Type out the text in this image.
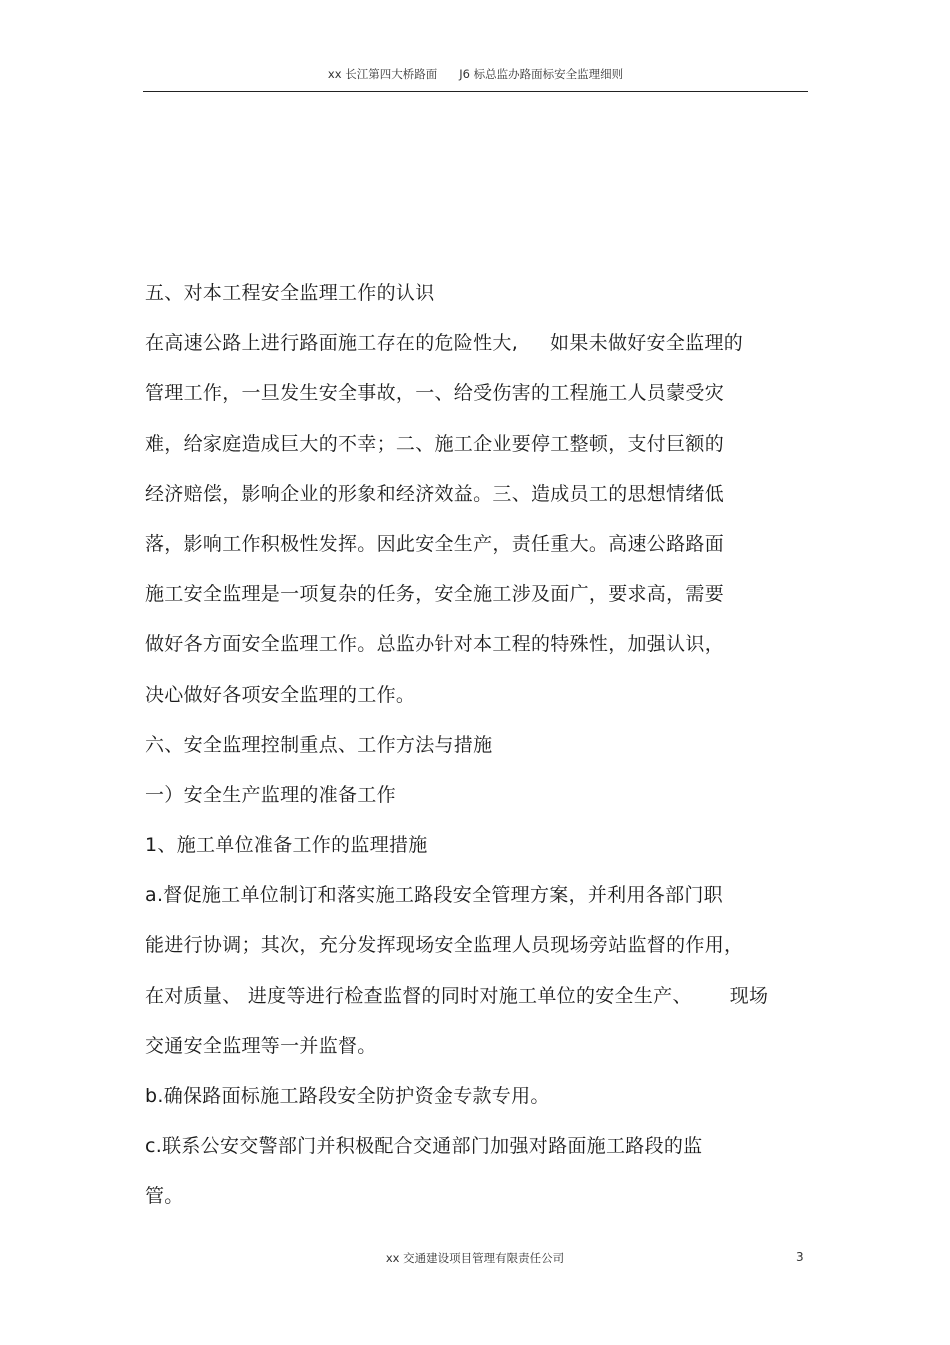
xx 长江第四大桥路面 J6 标总监办路面标安全监理细则
五、对本工程安全监理工作的认识
在高速公路上进行路面施工存在的危险性大, 如果未做好安全监理的
管理工作，一旦发生安全事故，一、给受伤害的工程施工人员蒙受灾
难，给家庭造成巨大的不幸；二、施工企业要停工整顿，支付巨额的
经济赔偿，影响企业的形象和经济效益。三、造成员工的思想情绪低
落，影响工作积极性发挥。因此安全生产，责任重大。高速公路路面
施工安全监理是一项复杂的任务，安全施工涉及面广，要求高，需要
做好各方面安全监理工作。总监办针对本工程的特殊性，加强认识，
决心做好各项安全监理的工作。
六、安全监理控制重点、工作方法与措施
一）安全生产监理的准备工作
1、施工单位准备工作的监理措施
a.督促施工单位制订和落实施工路段安全管理方案，并利用各部门职
能进行协调；其次，充分发挥现场安全监理人员现场旁站监督的作用，
在对质量、 进度等进行检查监督的同时对施工单位的安全生产、 现场
交通安全监理等一并监督。
b.确保路面标施工路段安全防护资金专款专用。
c.联系公安交警部门并积极配合交通部门加强对路面施工路段的监
管。
xx 交通建设项目管理有限责任公司	3
